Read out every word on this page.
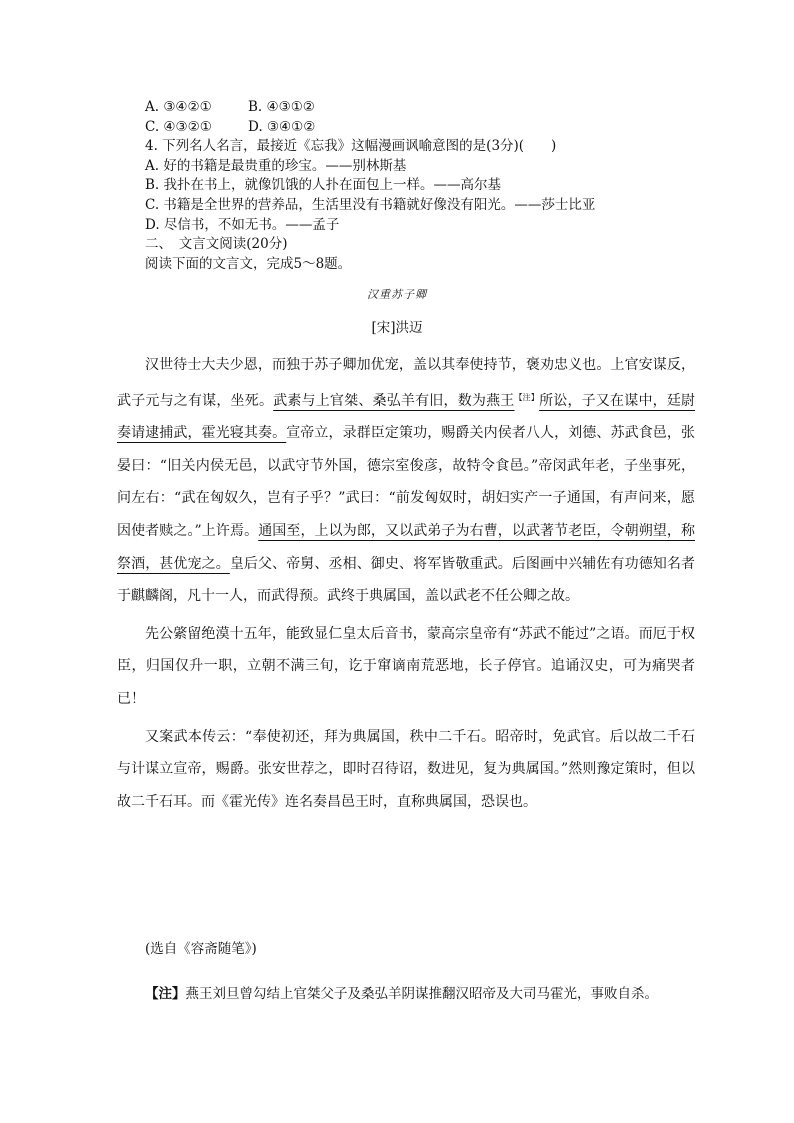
A. ③④②①	B. ④③①②
C. ④③②①	D. ③④①②
4. 下列名人名言，最接近《忘我》这幅漫画讽喻意图的是(3分)(　　)
A. 好的书籍是最贵重的珍宝。——别林斯基
B. 我扑在书上，就像饥饿的人扑在面包上一样。——高尔基
C. 书籍是全世界的营养品，生活里没有书籍就好像没有阳光。——莎士比亚
D. 尽信书，不如无书。——孟子
二、　文言文阅读(20分)
阅读下面的文言文，完成5～8题。
汉重苏子卿
[宋]洪迈

汉世待士大夫少恩，而独于苏子卿加优宠，盖以其奉使持节，褒劝忠义也。上官安谋反，武子元与之有谋，坐死。武素与上官桀、桑弘羊有旧，数为燕王$^{【注】}$所讼，子又在谋中，廷尉奏请逮捕武，霍光寝其奏。宣帝立，录群臣定策功，赐爵关内侯者八人，刘德、苏武食邑，张晏曰：“旧关内侯无邑，以武守节外国，德宗室俊彦，故特令食邑。”帝闵武年老，子坐事死，问左右：“武在匈奴久，岂有子乎？”武曰：“前发匈奴时，胡妇实产一子通国，有声问来，愿因使者赎之。”上许焉。通国至，上以为郎，又以武弟子为右曹，以武著节老臣，令朝朔望，称祭酒，甚优宠之。皇后父、帝舅、丞相、御史、将军皆敬重武。后图画中兴辅佐有功德知名者于麒麟阁，凡十一人，而武得预。武终于典属国，盖以武老不任公卿之故。

先公綮留绝漠十五年，能致显仁皇太后音书，蒙高宗皇帝有“苏武不能过”之语。而厄于权臣，归国仅升一职，立朝不满三旬，讫于窜谪南荒恶地，长子停官。追诵汉史，可为痛哭者已！

又案武本传云：“奉使初还，拜为典属国，秩中二千石。昭帝时，免武官。后以故二千石与计谋立宣帝，赐爵。张安世荐之，即时召待诏，数进见，复为典属国。”然则豫定策时，但以故二千石耳。而《霍光传》连名奏昌邑王时，直称典属国，恐误也。

(选自《容斋随笔》)
【注】燕王刘旦曾勾结上官桀父子及桑弘羊阴谋推翻汉昭帝及大司马霍光，事败自杀。
